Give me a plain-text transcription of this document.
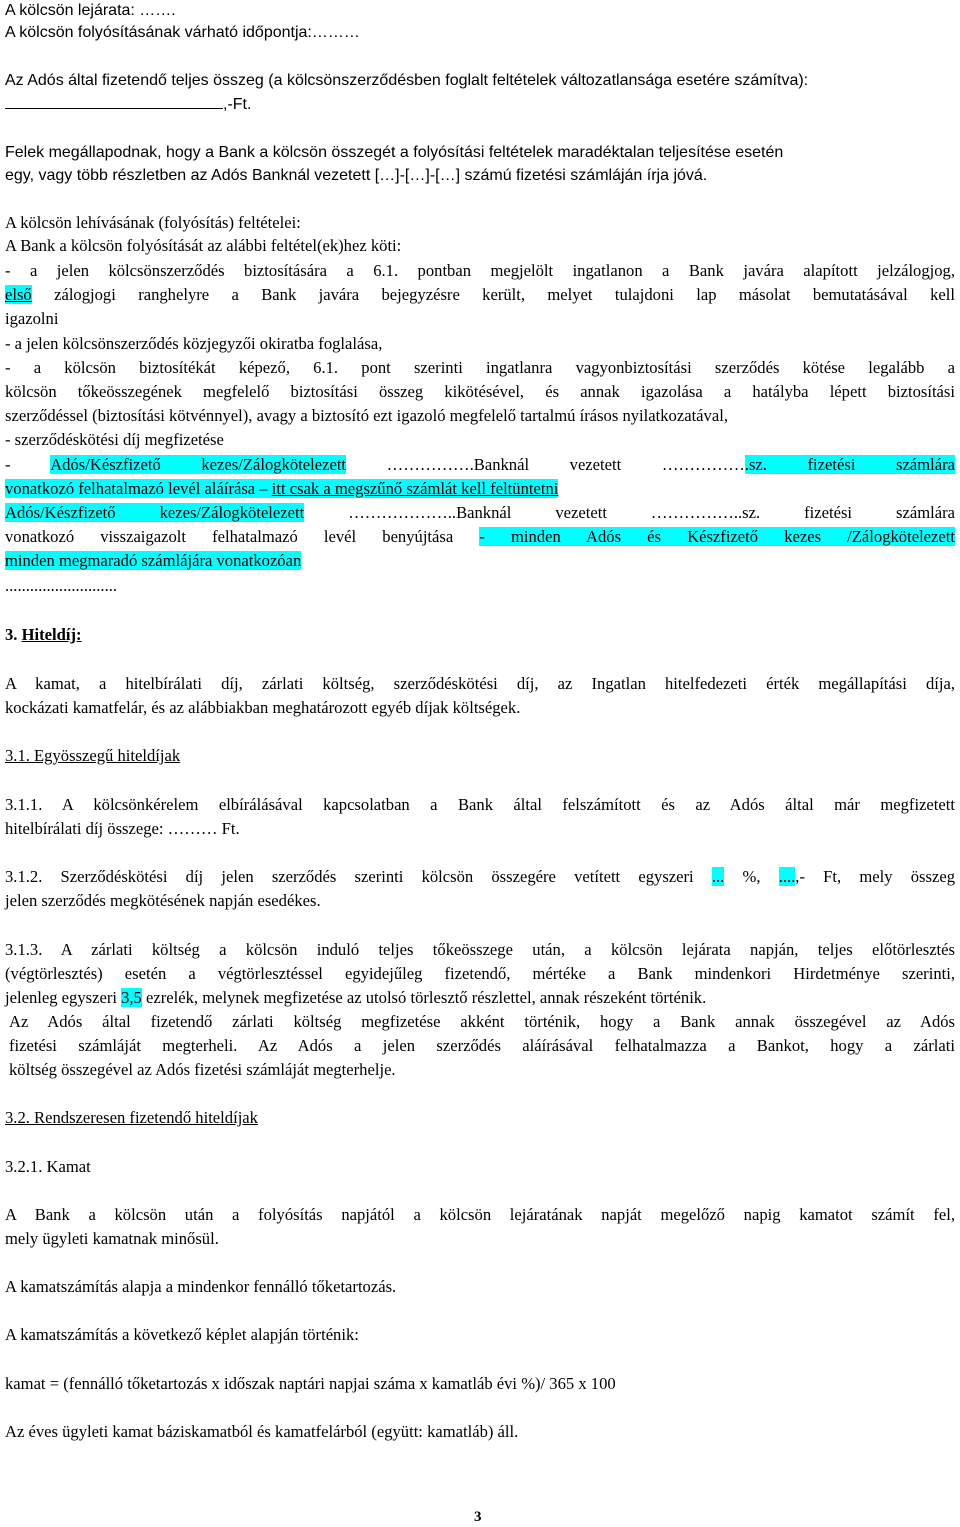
A kölcsön lejárata: …….
A kölcsön folyósításának várható időpontja:………
Az Adós által fizetendő teljes összeg (a kölcsönszerződésben foglalt feltételek változatlansága esetére számítva):
,-Ft.
Felek megállapodnak, hogy a Bank a kölcsön összegét a folyósítási feltételek maradéktalan teljesítése esetén
egy, vagy több részletben az Adós Banknál vezetett […]-[…]-[…] számú fizetési számláján írja jóvá.
A kölcsön lehívásának (folyósítás) feltételei:
A Bank a kölcsön folyósítását az alábbi feltétel(ek)hez köti:
- a jelen kölcsönszerződés biztosítására a 6.1. pontban megjelölt ingatlanon a Bank javára alapított jelzálogjog,
első zálogjogi ranghelyre a Bank javára bejegyzésre került, melyet tulajdoni lap másolat bemutatásával kell
igazolni
- a jelen kölcsönszerződés közjegyzői okiratba foglalása,
- a kölcsön biztosítékát képező, 6.1. pont szerinti ingatlanra vagyonbiztosítási szerződés kötése legalább a
kölcsön tőkeösszegének megfelelő biztosítási összeg kikötésével, és annak igazolása a hatályba lépett biztosítási
szerződéssel (biztosítási kötvénnyel), avagy a biztosító ezt igazoló megfelelő tartalmú írásos nyilatkozatával,
- szerződéskötési díj megfizetése
- Adós/Készfizető kezes/Zálogkötelezett …………….Banknál vezetett …………….sz. fizetési számlára
vonatkozó felhatalmazó levél aláírása – itt csak a megszűnő számlát kell feltüntetni
Adós/Készfizető kezes/Zálogkötelezett ………………..Banknál vezetett ……………..sz. fizetési számlára
vonatkozó visszaigazolt felhatalmazó levél benyújtása - minden Adós és Készfizető kezes /Zálogkötelezett
minden megmaradó számlájára vonatkozóan
...........................
3. Hiteldíj:
A kamat, a hitelbírálati díj, zárlati költség, szerződéskötési díj, az Ingatlan hitelfedezeti érték megállapítási díja,
kockázati kamatfelár, és az alábbiakban meghatározott egyéb díjak költségek.
3.1. Egyösszegű hiteldíjak
3.1.1. A kölcsönkérelem elbírálásával kapcsolatban a Bank által felszámított és az Adós által már megfizetett
hitelbírálati díj összege: ……… Ft.
3.1.2. Szerződéskötési díj jelen szerződés szerinti kölcsön összegére vetített egyszeri ... %, ....,- Ft, mely összeg
jelen szerződés megkötésének napján esedékes.
3.1.3. A zárlati költség a kölcsön induló teljes tőkeösszege után, a kölcsön lejárata napján, teljes előtörlesztés
(végtörlesztés) esetén a végtörlesztéssel egyidejűleg fizetendő, mértéke a Bank mindenkori Hirdetménye szerinti,
jelenleg egyszeri 3,5 ezrelék, melynek megfizetése az utolsó törlesztő részlettel, annak részeként történik.
Az Adós által fizetendő zárlati költség megfizetése akként történik, hogy a Bank annak összegével az Adós
fizetési számláját megterheli. Az Adós a jelen szerződés aláírásával felhatalmazza a Bankot, hogy a zárlati
költség összegével az Adós fizetési számláját megterhelje.
3.2. Rendszeresen fizetendő hiteldíjak
3.2.1. Kamat
A Bank a kölcsön után a folyósítás napjától a kölcsön lejáratának napját megelőző napig kamatot számít fel,
mely ügyleti kamatnak minősül.
A kamatszámítás alapja a mindenkor fennálló tőketartozás.
A kamatszámítás a következő képlet alapján történik:
kamat = (fennálló tőketartozás x időszak naptári napjai száma x kamatláb évi %)/ 365 x 100
Az éves ügyleti kamat báziskamatból és kamatfelárból (együtt: kamatláb) áll.
3
